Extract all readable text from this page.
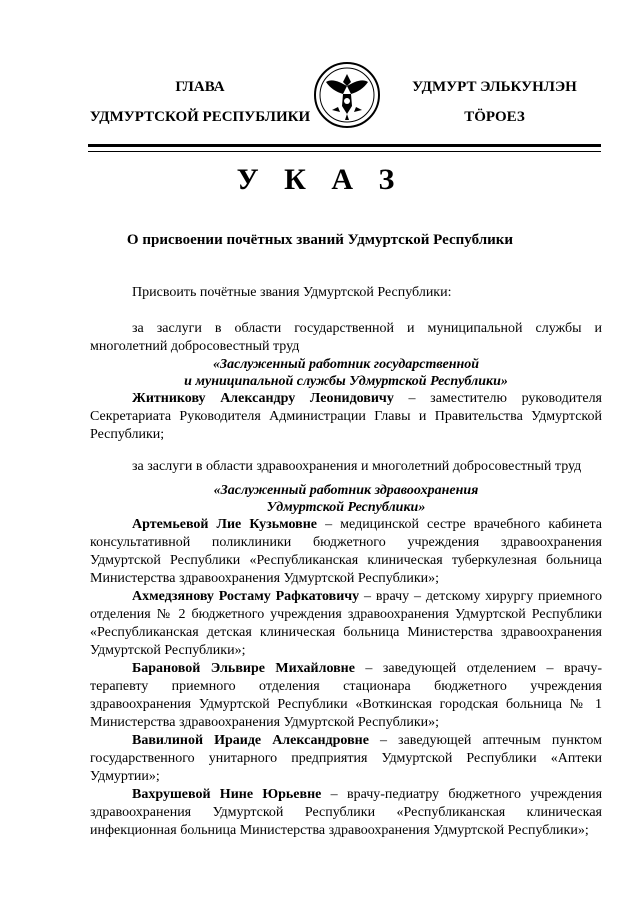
ГЛАВА
УДМУРТСКОЙ РЕСПУБЛИКИ
УДМУРТ ЭЛЬКУНЛЭН
ТӦРОЕЗ
У К А З
О присвоении почётных званий Удмуртской Республики

Присвоить почётные звания Удмуртской Республики:

за заслуги в области государственной и муниципальной службы и многолетний добросовестный труд

«Заслуженный работник государственной
и муниципальной службы Удмуртской Республики»

Житникову Александру Леонидовичу – заместителю руководителя Секретариата Руководителя Администрации Главы и Правительства Удмуртской Республики;

за заслуги в области здравоохранения и многолетний добросовестный труд

«Заслуженный работник здравоохранения
Удмуртской Республики»

Артемьевой Лие Кузьмовне – медицинской сестре врачебного кабинета консультативной поликлиники бюджетного учреждения здравоохранения Удмуртской Республики «Республиканская клиническая туберкулезная больница Министерства здравоохранения Удмуртской Республики»;

Ахмедзянову Ростаму Рафкатовичу – врачу – детскому хирургу приемного отделения № 2 бюджетного учреждения здравоохранения Удмуртской Республики «Республиканская детская клиническая больница Министерства здравоохранения Удмуртской Республики»;

Барановой Эльвире Михайловне – заведующей отделением – врачу-терапевту приемного отделения стационара бюджетного учреждения здравоохранения Удмуртской Республики «Воткинская городская больница № 1 Министерства здравоохранения Удмуртской Республики»;

Вавилиной Ираиде Александровне – заведующей аптечным пунктом государственного унитарного предприятия Удмуртской Республики «Аптеки Удмуртии»;

Вахрушевой Нине Юрьевне – врачу-педиатру бюджетного учреждения здравоохранения Удмуртской Республики «Республиканская клиническая инфекционная больница Министерства здравоохранения Удмуртской Республики»;
